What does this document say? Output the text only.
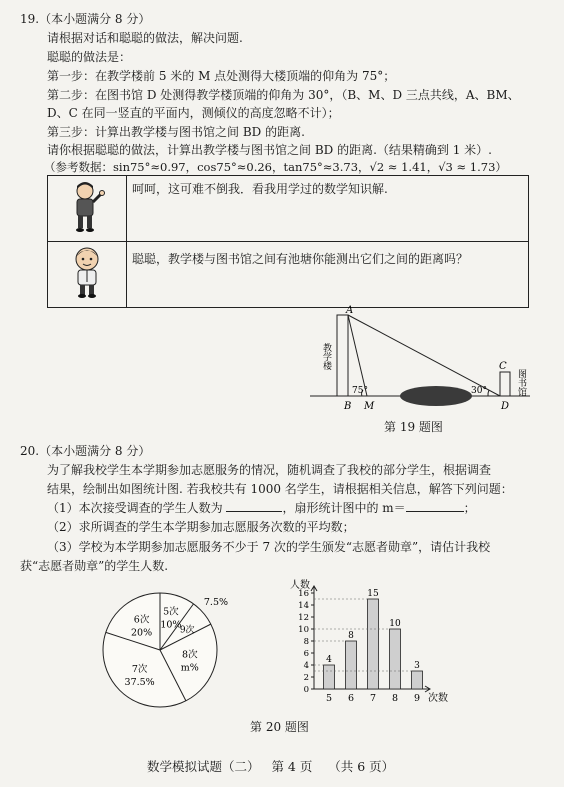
19.（本小题满分 8 分）
请根据对话和聪聪的做法，解决问题.
聪聪的做法是：
第一步：在教学楼前 5 米的 M 点处测得大楼顶端的仰角为 75°；
第二步：在图书馆 D 处测得教学楼顶端的仰角为 30°，（B、M、D 三点共线，A、BM、
D、C 在同一竖直的平面内，测倾仪的高度忽略不计）；
第三步：计算出教学楼与图书馆之间 BD 的距离.
请你根据聪聪的做法，计算出教学楼与图书馆之间 BD 的距离.（结果精确到 1 米）.
（参考数据：sin75°≈0.97，cos75°≈0.26，tan75°≈3.73，√2 ≈ 1.41，√3 ≈ 1.73）
	呵呵，这可难不倒我．看我用学过的数学知识解.
	聪聪，教学楼与图书馆之间有池塘你能测出它们之间的距离吗？
A
B M
C
D
75°	30°
教学楼
图书馆
第 19 题图
20.（本小题满分 8 分）
为了解我校学生本学期参加志愿服务的情况，随机调查了我校的部分学生，根据调查
结果，绘制出如图统计图. 若我校共有 1000 名学生，请根据相关信息，解答下列问题：
（1）本次接受调查的学生人数为	，扇形统计图中的 m＝	；
（2）求所调查的学生本学期参加志愿服务次数的平均数；
（3）学校为本学期参加志愿服务不少于 7 次的学生颁发“志愿者勋章”，请估计我校
获“志愿者勋章”的学生人数.
5次
10%
9次
7.5%
8次
m%
7次
37.5%
6次
20%
人数
次数
0
2
4
6
8
10
12
14
16
4
8
15
10
3
5 6 7 8 9
第 20 题图
数学模拟试题（二） 第 4 页 （共 6 页）
